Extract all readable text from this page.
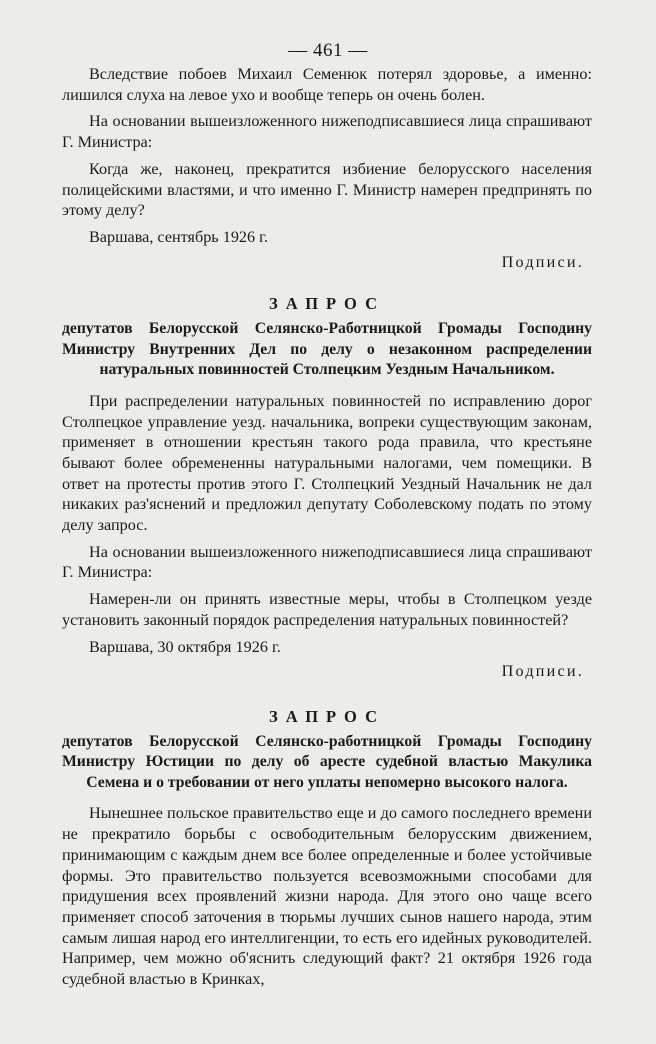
— 461 —

Вследствие побоев Михаил Семенюк потерял здоровье, а именно: лишился слуха на левое ухо и вообще теперь он очень болен.

На основании вышеизложенного нижеподписавшиеся лица спрашивают Г. Министра:

Когда же, наконец, прекратится избиение белорусского населения полицейскими властями, и что именно Г. Министр намерен предпринять по этому делу?

Варшава, сентябрь 1926 г.

Подписи.

ЗАПРОС

депутатов Белорусской Селянско-Работницкой Громады Господину Министру Внутренних Дел по делу о незаконном распределении натуральных повинностей Столпецким Уездным Начальником.

При распределении натуральных повинностей по исправлению дорог Столпецкое управление уезд. начальника, вопреки существующим законам, применяет в отношении крестьян такого рода правила, что крестьяне бывают более обремененны натуральными налогами, чем помещики. В ответ на протесты против этого Г. Столпецкий Уездный Начальник не дал никаких раз'яснений и предложил депутату Соболевскому подать по этому делу запрос.

На основании вышеизложенного нижеподписавшиеся лица спрашивают Г. Министра:

Намерен-ли он принять известные меры, чтобы в Столпецком уезде установить законный порядок распределения натуральных повинностей?

Варшава, 30 октября 1926 г.

Подписи.

ЗАПРОС

депутатов Белорусской Селянско-работницкой Громады Господину Министру Юстиции по делу об аресте судебной властью Макулика Семена и о требовании от него уплаты непомерно высокого налога.

Нынешнее польское правительство еще и до самого последнего времени не прекратило борьбы с освободительным белорусским движением, принимающим с каждым днем все более определенные и более устойчивые формы. Это правительство пользуется всевозможными способами для придушения всех проявлений жизни народа. Для этого оно чаще всего применяет способ заточения в тюрьмы лучших сынов нашего народа, этим самым лишая народ его интеллигенции, то есть его идейных руководителей. Например, чем можно об'яснить следующий факт? 21 октября 1926 года судебной властью в Кринках,
